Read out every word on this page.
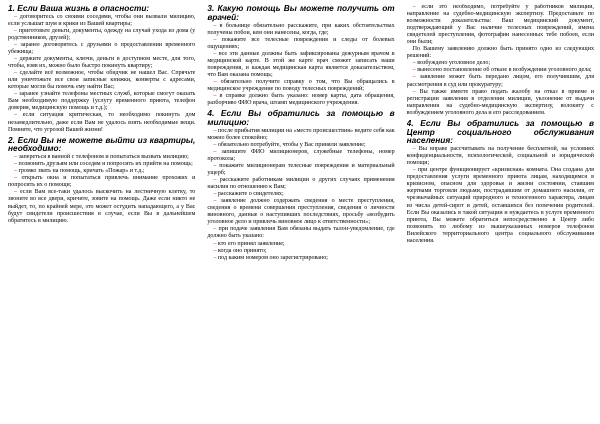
1. Если Ваша жизнь в опасности:
– договоритесь со своими соседями, чтобы они вызвали милицию, если услышат шум и крики из Вашей квартиры;
– приготовьте деньги, документы, одежду на случай ухода из дома (у родственников, друзей);
– заранее договоритесь с друзьями о предоставлении временного убежища;
– держите документы, ключи, деньги в доступном месте, для того, чтобы, взяв их, можно было быстро покинуть квартиру;
– сделайте всё возможное, чтобы обидчик не нашел Вас. Спрячьте или уничтожьте все свои записные книжки, конверты с адресами, которые могли бы помочь ему найти Вас;
– заранее узнайте телефоны местных служб, которые смогут оказать Вам необходимую поддержку (услугу временного приюта, телефон доверия, медицинскую помощь и т.д.);
– если ситуация критическая, то необходимо покинуть дом незамедлительно, даже если Вам не удалось взять необходимые вещи. Помните, что угрозой Вашей жизни!
2. Если Вы не можете выйти из квартиры, необходимо:
– запереться в ванной с телефоном и попытаться вызвать милицию;
– позвонить друзьям или соседям и попросить их прийти на помощь;
– громко звать на помощь, кричать «Пожар» и т.д.;
– открыть окна и попытаться привлечь внимание прохожих и попросить их о помощи;
– если Вам все-таки удалось выскочить на лестничную клетку, то звоните во все двери, кричите, зовите на помощь. Даже если никто не выйдет, то, по крайней мере, это может остудить нападающего, а у Вас будут свидетели происшествия в случае, если Вы в дальнейшем обратитесь в милицию.
3. Какую помощь Вы можете получить от врачей:
– в больнице обязательно расскажите, при каких обстоятельствах получены побои, кем они нанесены, когда, где;
– покажите все телесные повреждения и следы от болевых ощущениях;
– все эти данные должны быть зафиксированы дежурным врачом в медицинской карте. В этой же карте врач сможет записать ваши повреждения, и каждая медицинская карта является доказательством, что Вам оказана помощь;
– обязательно получите справку о том, что Вы обращались в медицинское учреждение по поводу телесных повреждений;
– в справке должно быть указано: номер карты, дата обращения, разборчиво ФИО врача, штамп медицинского учреждения.
4. Если Вы обратились за помощью в милицию:
– после прибытия милиции на «место происшествия» ведите себя как можно более спокойно;
– обязательно потребуйте, чтобы у Вас приняли заявление;
– запишите ФИО милиционеров, служебные телефоны, номер протокола;
– покажите милиционерам телесные повреждения и материальный ущерб;
– расскажите работникам милиции о других случаях применения насилия по отношению к Вам;
– расскажите о свидетелях;
– заявление должно содержать сведения о месте преступления, сведения о времени совершения преступления, сведения о личности виновного, данные о наступивших последствиях, просьбу «возбудить уголовное дело и привлечь виновное лицо к ответственности»;
– при подаче заявления Вам обязаны выдать талон-уведомление, где должно быть указано:
– кто его принял заявление;
– когда оно принято;
– под каким номером оно зарегистрировано;
– если это необходимо, потребуйте у работников милиции, направление на судебно-медицинскую экспертизу. Предоставьте по возможности доказательства: Ваш медицинский документ, подтверждающий у Вас наличие телесных повреждений, имена свидетелей преступления, фотографии нанесенных тебе побоев, если они были;
По Вашему заявлению должно быть принято одно из следующих решений:
– возбуждено уголовное дело;
– вынесено постановление об отказе в возбуждении уголовного дела;
– заявление может быть передано лицом, его получившим, для рассмотрения в суд или прокуратуру;
– Вы также имеете право подать жалобу на отказ в приеме и регистрации заявления в отделении милиции, уклонение от выдачи направления на судебно-медицинскую экспертизу, волокиту с возбуждением уголовного дела и его расследованием.
4. Если Вы обратились за помощью в Центр социального обслуживания населения:
– Вы вправе рассчитывать на получение бесплатной, на условиях конфиденциальности, психологической, социальной и юридической помощи;
– при центре функционирует «кризисная» комната. Она создана для предоставления услуги временного приюта лицам, находящимся в кризисном, опасном для здоровья и жизни состоянии, ставшим жертвами торговли людьми, пострадавшим от домашнего насилия, от чрезвычайных ситуаций природного и техногенного характера, лицам из числа детей-сирот и детей, оставшихся без попечения родителей. Если Вы оказались в такой ситуации и нуждаетесь в услуге временного приюта, Вы можете обратиться непосредственно в Центр либо позвонить по любому из вышеуказанных номеров телефонов Вилейского территориального центра социального обслуживания населения.
